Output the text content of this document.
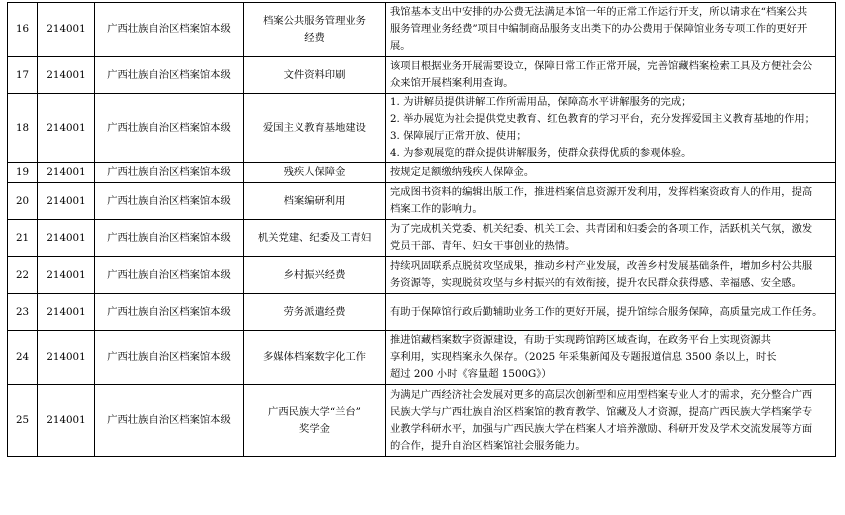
16	214001	广西壮族自治区档案馆本级	档案公共服务管理业务
经费	我馆基本支出中安排的办公费无法满足本馆一年的正常工作运行开支，所以请求在“档案公共
服务管理业务经费”项目中编制商品服务支出类下的办公费用于保障馆业务专项工作的更好开
展。

17	214001	广西壮族自治区档案馆本级	文件资料印刷	该项目根据业务开展需要设立，保障日常工作正常开展，完善馆藏档案检索工具及方便社会公
众来馆开展档案利用查询。

18	214001	广西壮族自治区档案馆本级	爱国主义教育基地建设	1. 为讲解员提供讲解工作所需用品，保障高水平讲解服务的完成；
2. 举办展览为社会提供党史教育、红色教育的学习平台，充分发挥爱国主义教育基地的作用；
3. 保障展厅正常开放、使用；
4. 为参观展览的群众提供讲解服务，使群众获得优质的参观体验。

19	214001	广西壮族自治区档案馆本级	残疾人保障金	按规定足额缴纳残疾人保障金。

20	214001	广西壮族自治区档案馆本级	档案编研利用	完成图书资料的编辑出版工作，推进档案信息资源开发利用，发挥档案资政育人的作用，提高
档案工作的影响力。

21	214001	广西壮族自治区档案馆本级	机关党建、纪委及工青妇	为了完成机关党委、机关纪委、机关工会、共青团和妇委会的各项工作，活跃机关气氛，激发
党员干部、青年、妇女干事创业的热情。

22	214001	广西壮族自治区档案馆本级	乡村振兴经费	持续巩固联系点脱贫攻坚成果，推动乡村产业发展，改善乡村发展基础条件，增加乡村公共服
务资源等，实现脱贫攻坚与乡村振兴的有效衔接，提升农民群众获得感、幸福感、安全感。

23	214001	广西壮族自治区档案馆本级	劳务派遣经费	有助于保障馆行政后勤辅助业务工作的更好开展，提升馆综合服务保障，高质量完成工作任务。

24	214001	广西壮族自治区档案馆本级	多媒体档案数字化工作	推进馆藏档案数字资源建设，有助于实现跨馆跨区域查询，在政务平台上实现资源共
享利用，实现档案永久保存。（2025 年采集新闻及专题报道信息 3500 条以上，时长
超过 200 小时《容量超 1500G》）

25	214001	广西壮族自治区档案馆本级	广西民族大学“兰台”
奖学金	为满足广西经济社会发展对更多的高层次创新型和应用型档案专业人才的需求，充分整合广西
民族大学与广西壮族自治区档案馆的教育教学、馆藏及人才资源，提高广西民族大学档案学专
业教学科研水平，加强与广西民族大学在档案人才培养激励、科研开发及学术交流发展等方面
的合作，提升自治区档案馆社会服务能力。
